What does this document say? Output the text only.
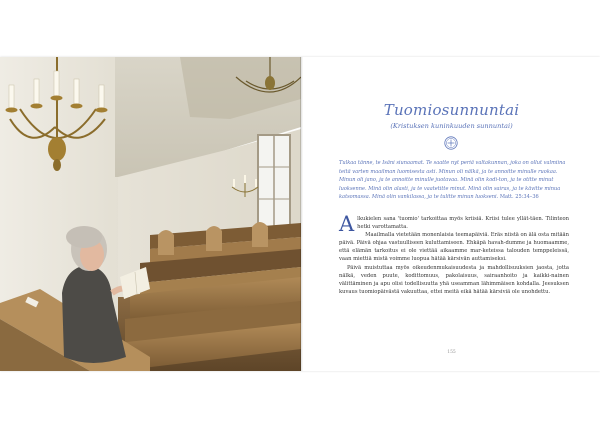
Tuomiosunnuntai
(Kristuksen kuninkuuden sunnuntai)
Tulkaa tänne, te Isäni siunaamat. Te saatte nyt periä valtakunnan, joka on ollut valmiina teitä varten maailman luomisesta asti. Minun oli nälkä, ja te annoitte minulle ruokaa. Minun oli jano, ja te annoitte minulle juotavaa. Minä olin kodi-ton, ja te otitte minut luoksenne. Minä olin alasti, ja te vaatetitte minut. Minä olin sairas, ja te kävitte minua katsomassa. Minä olin vankilassa, ja te tulitte minun luokseni. Matt. 25:34–36

Alkukielen sana 'tuomio' tarkoittaa myös kriisiä. Kriisi tulee yllät-täen. Tilinteon hetki varottamatta.

Maailmalla vietetään monenlaisia teemapäiviä. Eräs niistä on älä osta mitään päivä. Päivä ohjaa vastuulliseen kuluttamiseen. Ehkäpä havah-dumme ja huomaamme, että elämän tarkoitus ei ole viettää aikaamme mar-keteissa talouden temppeleissä, vaan miettiä mistä voimme luopua hätää kärsivän auttamiseksi.

Päivä muistuttaa myös oikeudenmukaisuudesta ja mahdollisuuksien jaosta, jotta nälkä, veden puute, kodittomuus, pakolaisuus, sairaanhoito ja kaikki-nainen välittäminen ja apu olisi todellisuutta yhä useamman lähimmäisen kohdalla. Jeesuksen kuvaus tuomiopäivästä vakuuttaa, ettei meitä eikä hätää kärsiviä ole unohdettu.

155
